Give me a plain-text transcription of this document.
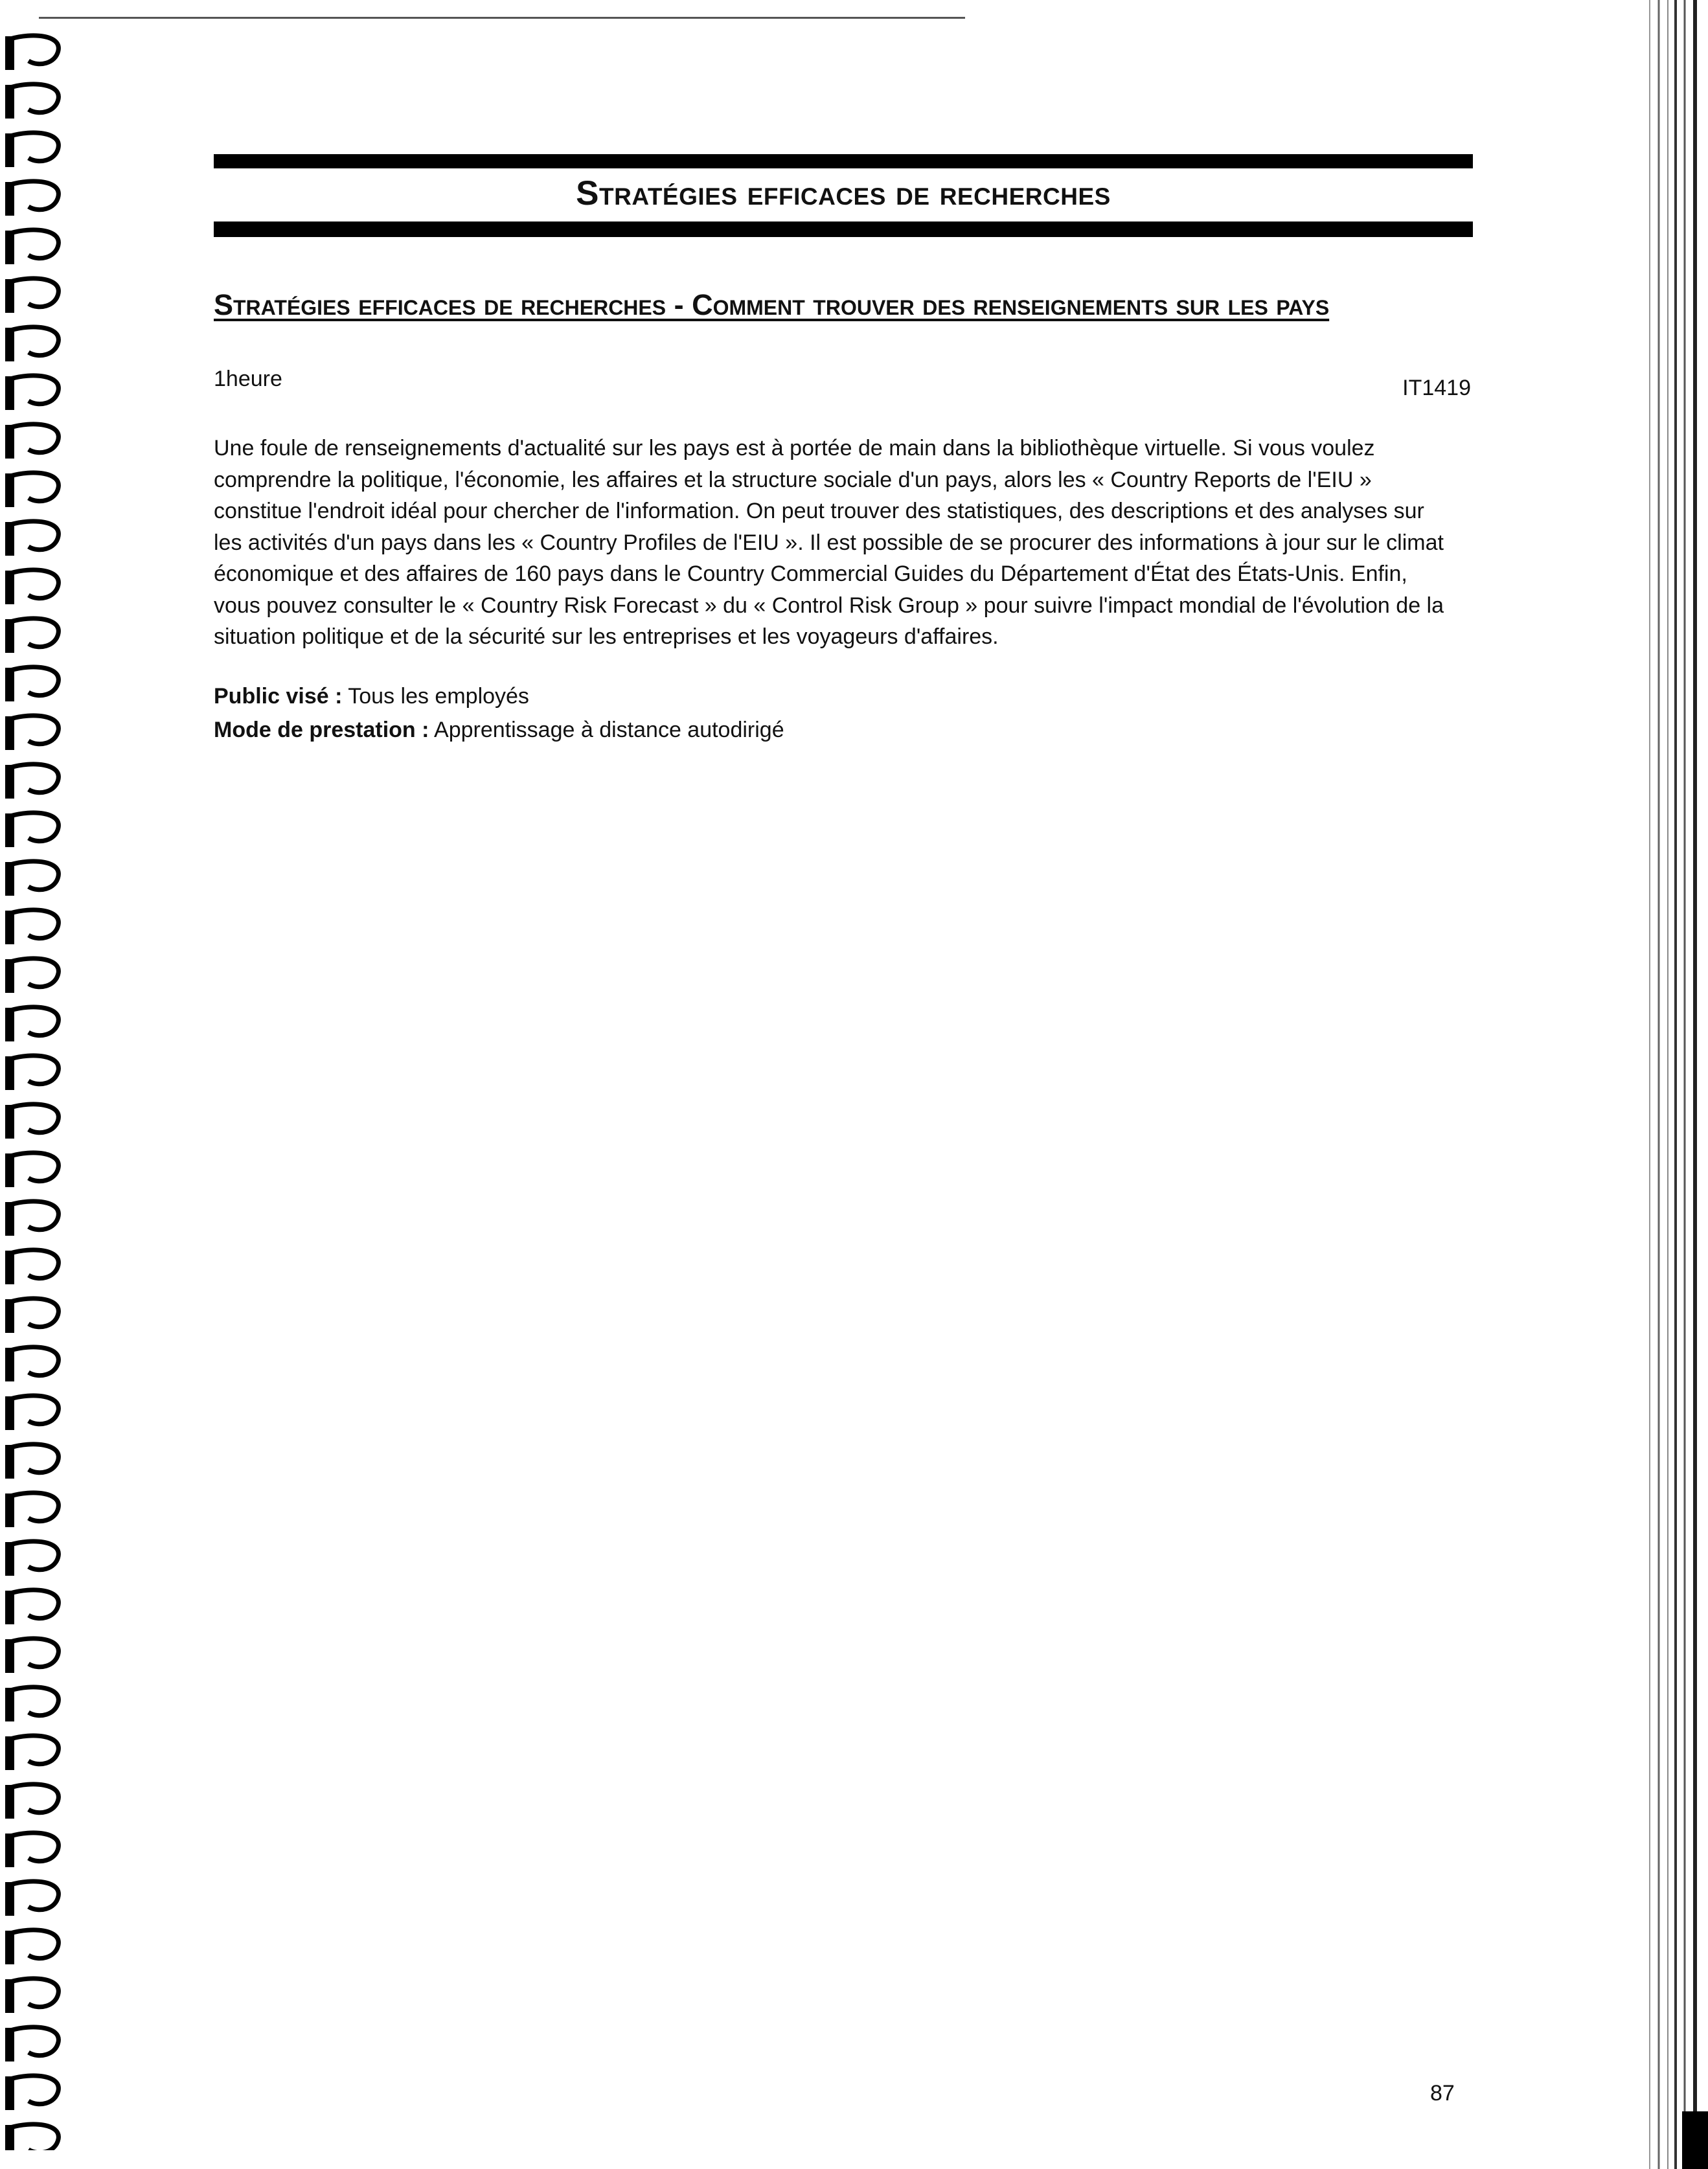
Stratégies efficaces de recherches
Stratégies efficaces de recherches - Comment trouver des renseignements sur les pays
1heure	IT1419
Une foule de renseignements d'actualité sur les pays est à portée de main dans la bibliothèque virtuelle. Si vous voulez comprendre la politique, l'économie, les affaires et la structure sociale d'un pays, alors les « Country Reports de l'EIU » constitue l'endroit idéal pour chercher de l'information. On peut trouver des statistiques, des descriptions et des analyses sur les activités d'un pays dans les « Country Profiles de l'EIU ». Il est possible de se procurer des informations à jour sur le climat économique et des affaires de 160 pays dans le Country Commercial Guides du Département d'État des États-Unis. Enfin, vous pouvez consulter le « Country Risk Forecast » du « Control Risk Group » pour suivre l'impact mondial de l'évolution de la situation politique et de la sécurité sur les entreprises et les voyageurs d'affaires.
Public visé : Tous les employés
Mode de prestation : Apprentissage à distance autodirigé
87
